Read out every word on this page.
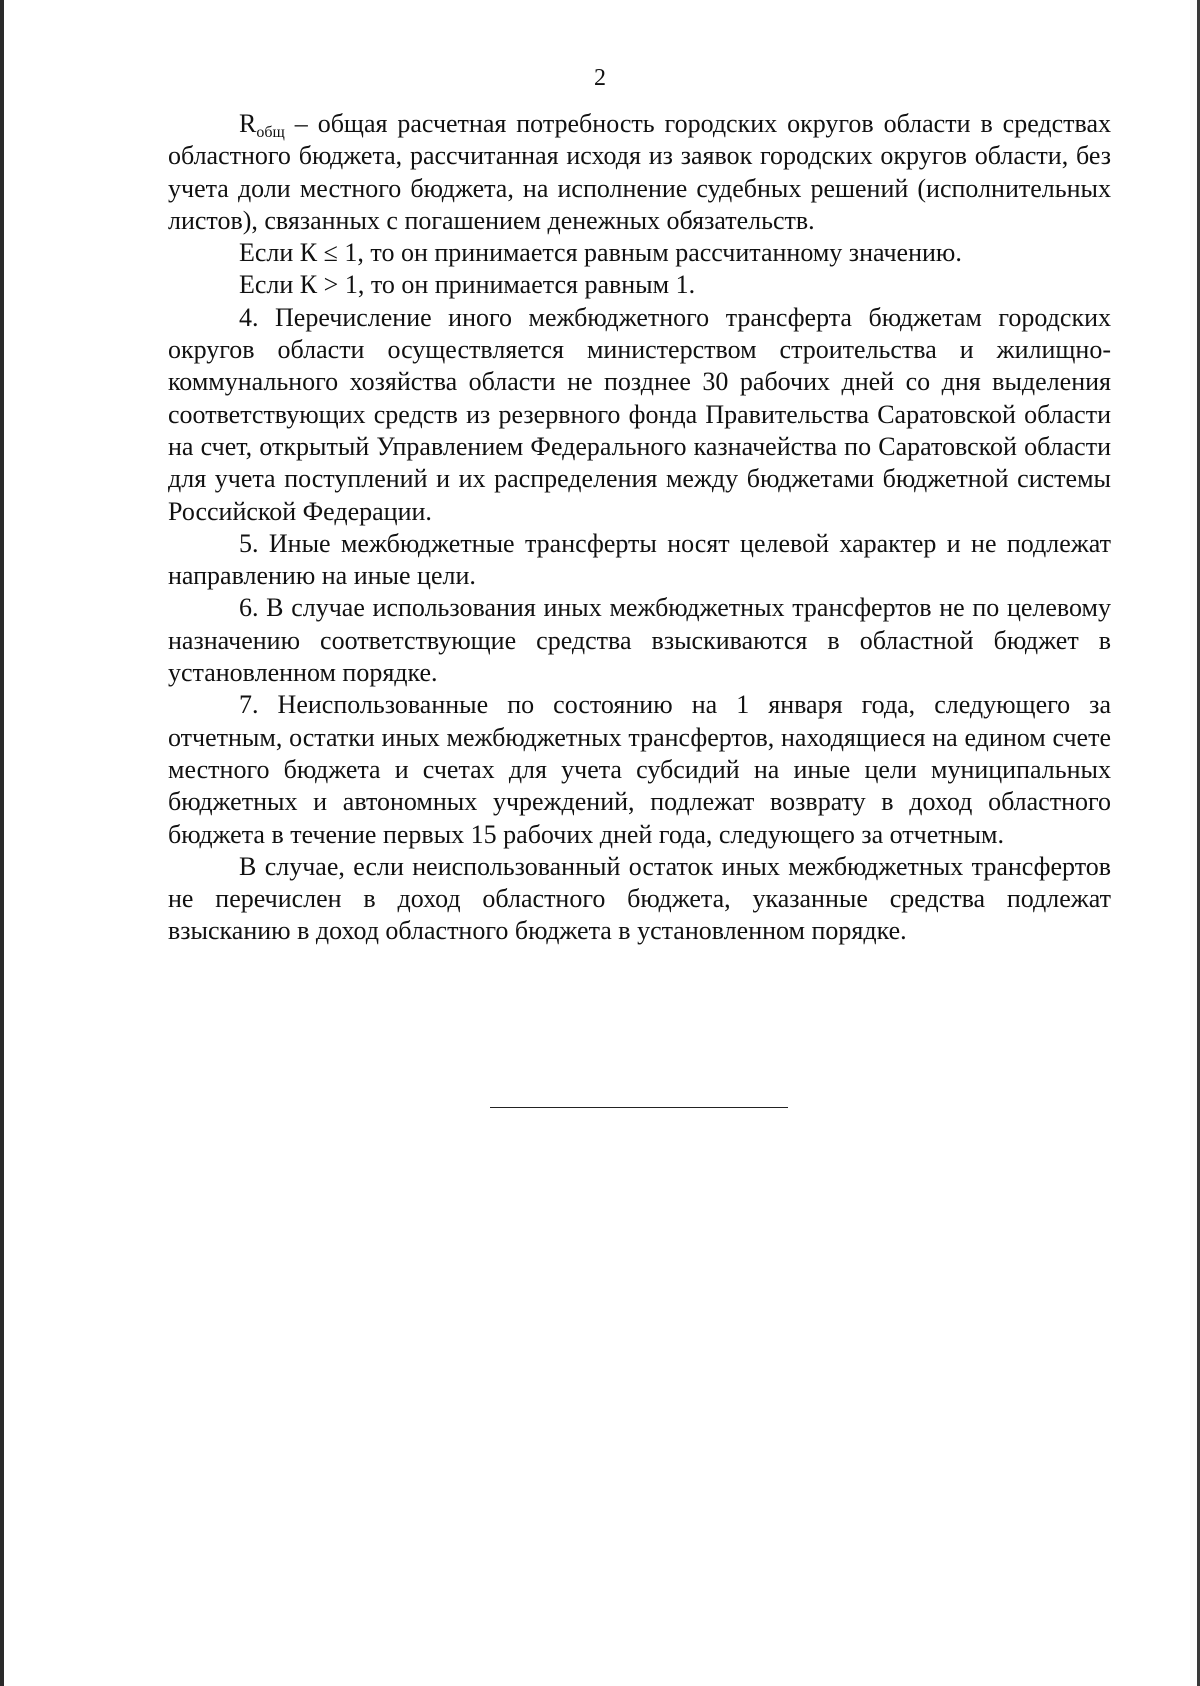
2

$R_{общ}$ – общая расчетная потребность городских округов области в средствах областного бюджета, рассчитанная исходя из заявок городских округов области, без учета доли местного бюджета, на исполнение судебных решений (исполнительных листов), связанных с погашением денежных обязательств.

Если К ≤ 1, то он принимается равным рассчитанному значению.

Если К > 1, то он принимается равным 1.

4. Перечисление иного межбюджетного трансферта бюджетам городских округов области осуществляется министерством строительства и жилищно-коммунального хозяйства области не позднее 30 рабочих дней со дня выделения соответствующих средств из резервного фонда Правительства Саратовской области на счет, открытый Управлением Федерального казначейства по Саратовской области для учета поступлений и их распределения между бюджетами бюджетной системы Российской Федерации.

5. Иные межбюджетные трансферты носят целевой характер и не подлежат направлению на иные цели.

6. В случае использования иных межбюджетных трансфертов не по целевому назначению соответствующие средства взыскиваются в областной бюджет в установленном порядке.

7. Неиспользованные по состоянию на 1 января года, следующего за отчетным, остатки иных межбюджетных трансфертов, находящиеся на едином счете местного бюджета и счетах для учета субсидий на иные цели муниципальных бюджетных и автономных учреждений, подлежат возврату в доход областного бюджета в течение первых 15 рабочих дней года, следующего за отчетным.

В случае, если неиспользованный остаток иных межбюджетных трансфертов не перечислен в доход областного бюджета, указанные средства подлежат взысканию в доход областного бюджета в установленном порядке.
